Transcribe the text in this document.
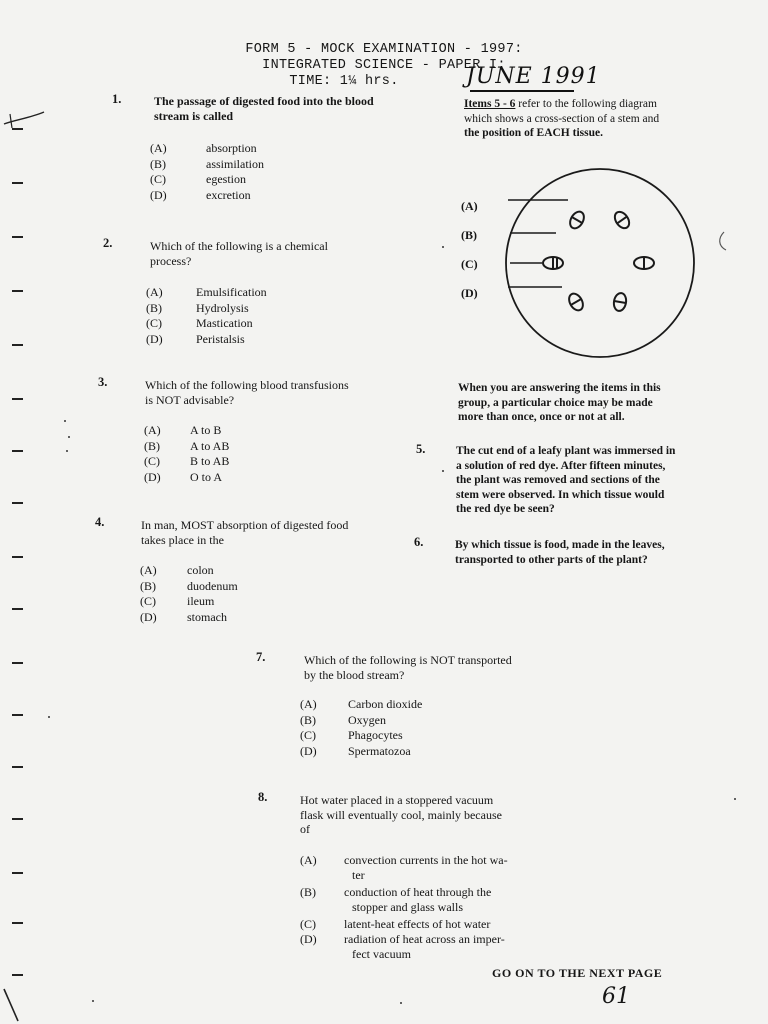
FORM 5 - MOCK EXAMINATION - 1997:
INTEGRATED SCIENCE - PAPER I:
TIME: 1¼ hrs.	JUNE 1991
1.	The passage of digested food into the blood
stream is called
(A)	absorption
(B)	assimilation
(C)	egestion
(D)	excretion
2.	Which of the following is a chemical
process?
(A)	Emulsification
(B)	Hydrolysis
(C)	Mastication
(D)	Peristalsis
3.	Which of the following blood transfusions
is NOT advisable?
(A) A to B
(B)	A to AB
(C)	B to AB
(D) O to A
4.	In man, MOST absorption of digested food
takes place in the
(A)	colon
(B)	duodenum
(C)	ileum
(D)	stomach
Items 5 - 6 refer to the following diagram
which shows a cross-section of a stem and
the position of EACH tissue.
(A)
(B)
(C)
(D)
When you are answering the items in this
group, a particular choice may be made
more than once, once or not at all.
5.	The cut end of a leafy plant was immersed in
a solution of red dye. After fifteen minutes,
the plant was removed and sections of the
stem were observed. In which tissue would
the red dye be seen?
6.	By which tissue is food, made in the leaves,
transported to other parts of the plant?
7.	Which of the following is NOT transported
by the blood stream?
(A)	Carbon dioxide
(B)	Oxygen
(C)	Phagocytes
(D)	Spermatozoa
8.	Hot water placed in a stoppered vacuum
flask will eventually cool, mainly because
of
(A) convection currents in the hot wa-
ter
(B) conduction of heat through the
stopper and glass walls
(C) latent-heat effects of hot water
(D) radiation of heat across an imper-
fect vacuum
GO ON TO THE NEXT PAGE
61
